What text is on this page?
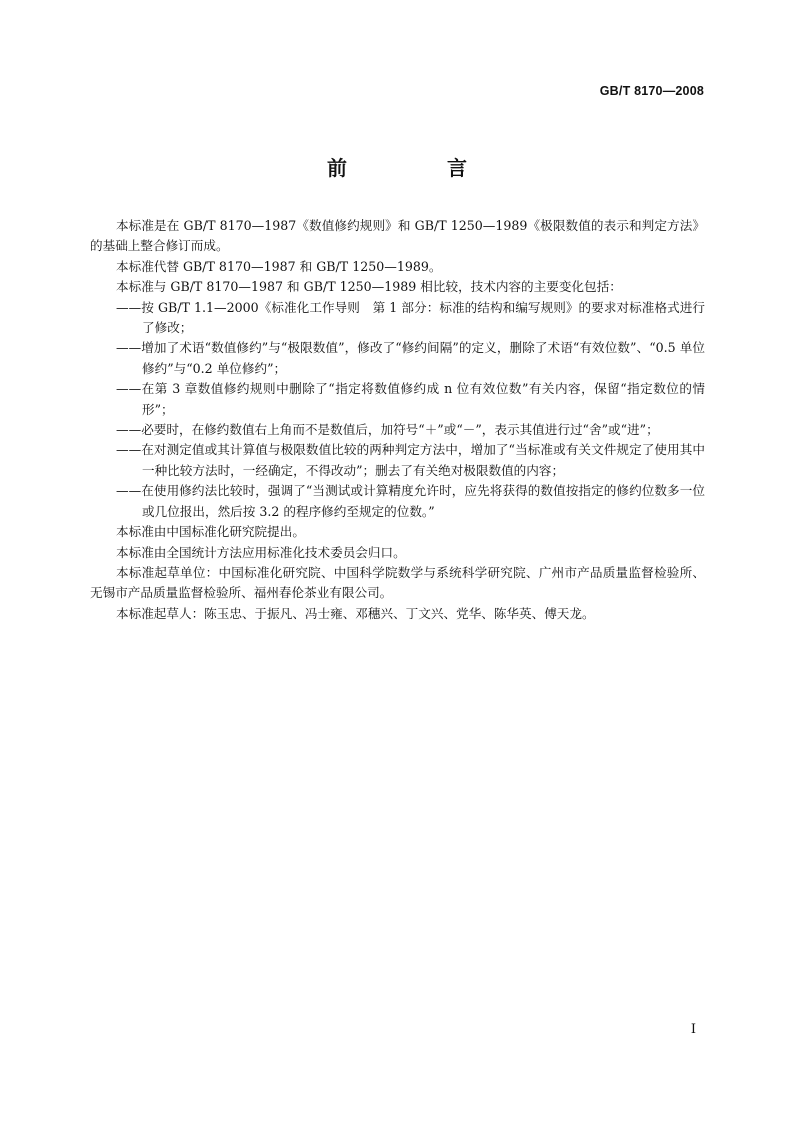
GB/T 8170—2008
前　言

本标准是在 GB/T 8170—1987《数值修约规则》和 GB/T 1250—1989《极限数值的表示和判定方法》的基础上整合修订而成。

本标准代替 GB/T 8170—1987 和 GB/T 1250—1989。

本标准与 GB/T 8170—1987 和 GB/T 1250—1989 相比较，技术内容的主要变化包括：

——按 GB/T 1.1—2000《标准化工作导则　第 1 部分：标准的结构和编写规则》的要求对标准格式进行了修改；

——增加了术语“数值修约”与“极限数值”，修改了“修约间隔”的定义，删除了术语“有效位数”、“0.5 单位修约”与“0.2 单位修约”；

——在第 3 章数值修约规则中删除了“指定将数值修约成 n 位有效位数”有关内容，保留“指定数位的情形”；

——必要时，在修约数值右上角而不是数值后，加符号“＋”或“－”，表示其值进行过“舍”或“进”；

——在对测定值或其计算值与极限数值比较的两种判定方法中，增加了“当标准或有关文件规定了使用其中一种比较方法时，一经确定，不得改动”；删去了有关绝对极限数值的内容；

——在使用修约法比较时，强调了“当测试或计算精度允许时，应先将获得的数值按指定的修约位数多一位或几位报出，然后按 3.2 的程序修约至规定的位数。”

本标准由中国标准化研究院提出。

本标准由全国统计方法应用标准化技术委员会归口。

本标准起草单位：中国标准化研究院、中国科学院数学与系统科学研究院、广州市产品质量监督检验所、无锡市产品质量监督检验所、福州春伦茶业有限公司。

本标准起草人：陈玉忠、于振凡、冯士雍、邓穗兴、丁文兴、党华、陈华英、傅天龙。

I
